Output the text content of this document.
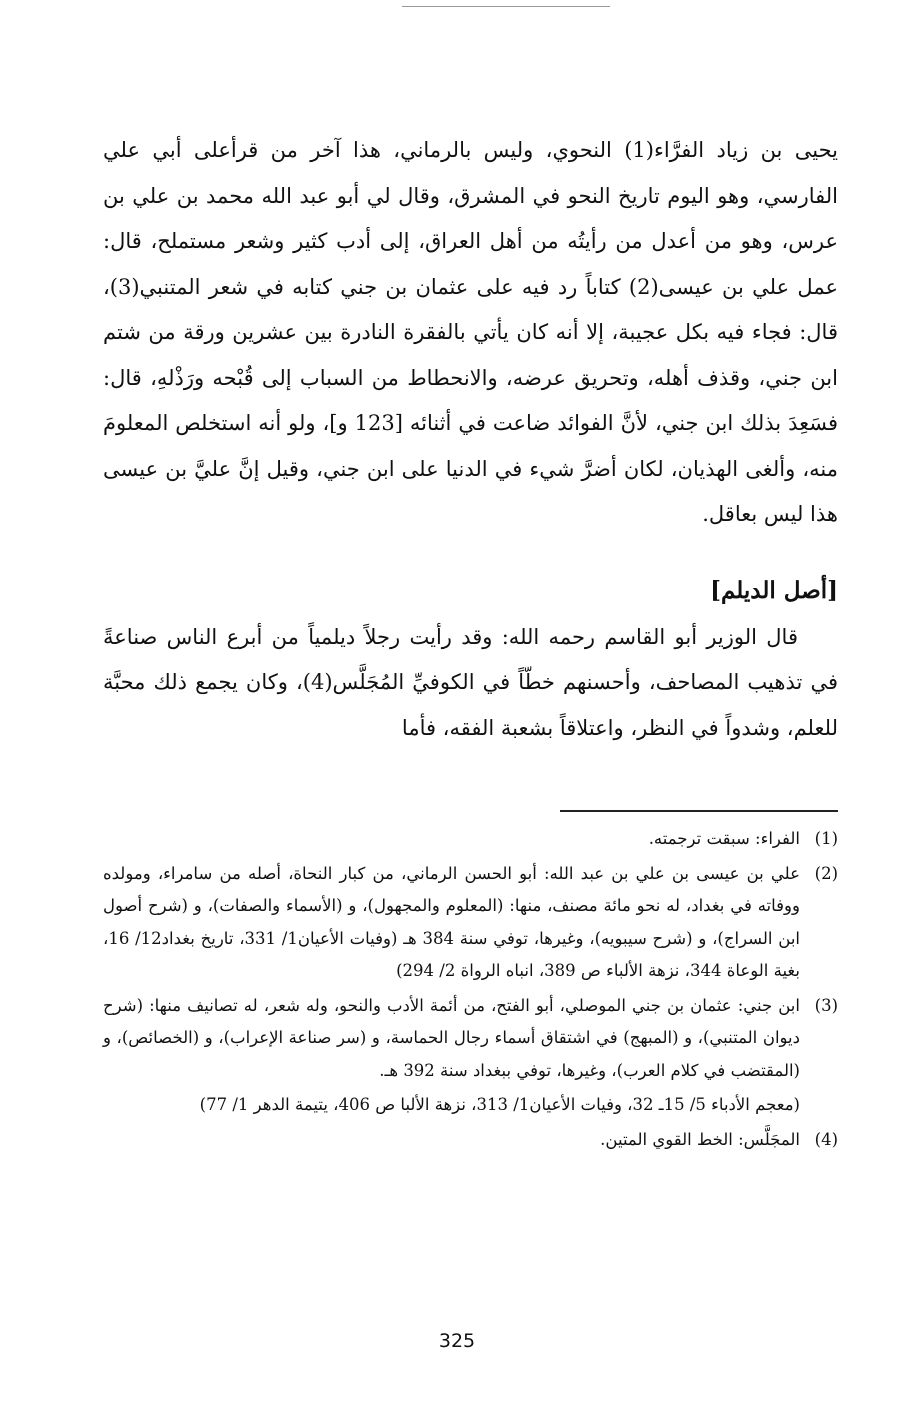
يحيى بن زياد الفرَّاء(1) النحوي، وليس بالرماني، هذا آخر من قرأعلى أبي علي الفارسي، وهو اليوم تاريخ النحو في المشرق، وقال لي أبو عبد الله محمد بن علي بن عرس، وهو من أعدل من رأيتُه من أهل العراق، إلى أدب كثير وشعر مستملح، قال: عمل علي بن عيسى(2) كتاباً رد فيه على عثمان بن جني كتابه في شعر المتنبي(3)، قال: فجاء فيه بكل عجيبة، إلا أنه كان يأتي بالفقرة النادرة بين عشرين ورقة من شتم ابن جني، وقذف أهله، وتحريق عرضه، والانحطاط من السباب إلى قُبْحه ورَذْلهِ، قال: فسَعِدَ بذلك ابن جني، لأنَّ الفوائد ضاعت في أثنائه [123 و]، ولو أنه استخلص المعلومَ منه، وألغى الهذيان، لكان أضرَّ شيء في الدنيا على ابن جني، وقيل إنَّ عليَّ بن عيسى هذا ليس بعاقل.

[أصل الديلم]

قال الوزير أبو القاسم رحمه الله: وقد رأيت رجلاً ديلمياً من أبرع الناس صناعةً في تذهيب المصاحف، وأحسنهم خطّاً في الكوفيِّ المُجَلَّس(4)، وكان يجمع ذلك محبَّة للعلم، وشدواً في النظر، واعتلاقاً بشعبة الفقه، فأما

(1)
الفراء: سبقت ترجمته.
(2)
علي بن عيسى بن علي بن عبد الله: أبو الحسن الرماني، من كبار النحاة، أصله من سامراء، ومولده ووفاته في بغداد، له نحو مائة مصنف، منها: (المعلوم والمجهول)، و (الأسماء والصفات)، و (شرح أصول ابن السراج)، و (شرح سيبويه)، وغيرها، توفي سنة 384 هـ (وفيات الأعيان1/ 331، تاريخ بغداد12/ 16، بغية الوعاة 344، نزهة الألباء ص 389، انباه الرواة 2/ 294)
(3)
ابن جني: عثمان بن جني الموصلي، أبو الفتح، من أئمة الأدب والنحو، وله شعر، له تصانيف منها: (شرح ديوان المتنبي)، و (المبهج) في اشتقاق أسماء رجال الحماسة، و (سر صناعة الإعراب)، و (الخصائص)، و (المقتضب في كلام العرب)، وغيرها، توفي ببغداد سنة 392 هـ.
(معجم الأدباء 5/ 15ـ 32، وفيات الأعيان1/ 313، نزهة الألبا ص 406، يتيمة الدهر 1/ 77)
(4)
المجَلَّس: الخط القوي المتين.
325
